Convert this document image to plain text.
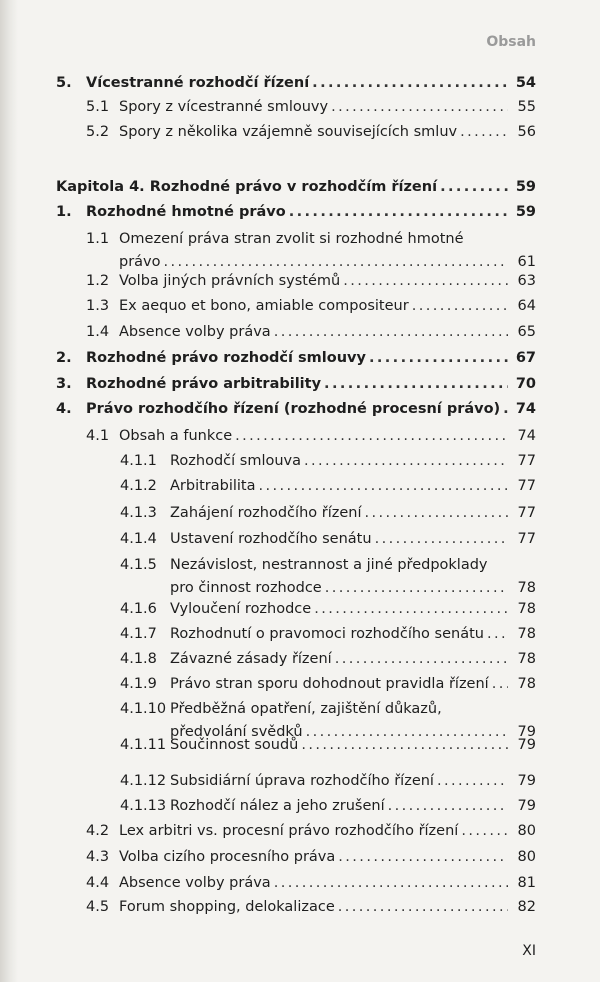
Obsah
5. Vícestranné rozhodčí řízení .....	54
5.1 Spory z vícestranné smlouvy .....	55
5.2 Spory z několika vzájemně souvisejících smluv .....	56
Kapitola 4. Rozhodné právo v rozhodčím řízení .....	59
1. Rozhodné hmotné právo .....	59
1.1 Omezení práva stran zvolit si rozhodné hmotné
právo .....	61
1.2 Volba jiných právních systémů .....	63
1.3 Ex aequo et bono, amiable compositeur .....	64
1.4 Absence volby práva .....	65
2. Rozhodné právo rozhodčí smlouvy .....	67
3. Rozhodné právo arbitrability .....	70
4. Právo rozhodčího řízení (rozhodné procesní právo) ..... 74
4.1 Obsah a funkce .....	74
4.1.1 Rozhodčí smlouva .....	77
4.1.2 Arbitrabilita .....	77
4.1.3 Zahájení rozhodčího řízení .....	77
4.1.4 Ustavení rozhodčího senátu .....	77
4.1.5 Nezávislost, nestrannost a jiné předpoklady
pro činnost rozhodce .....	78
4.1.6 Vyloučení rozhodce .....	78
4.1.7 Rozhodnutí o pravomoci rozhodčího senátu ..... 78
4.1.8 Závazné zásady řízení .....	78
4.1.9 Právo stran sporu dohodnout pravidla řízení ..... 78
4.1.10 Předběžná opatření, zajištění důkazů,
předvolání svědků .....	79
4.1.11 Součinnost soudů .....	79
4.1.12 Subsidiární úprava rozhodčího řízení .....	79
4.1.13 Rozhodčí nález a jeho zrušení .....	79
4.2 Lex arbitri vs. procesní právo rozhodčího řízení .....	80
4.3 Volba cizího procesního práva .....	80
4.4 Absence volby práva .....	81
4.5 Forum shopping, delokalizace .....	82
XI
